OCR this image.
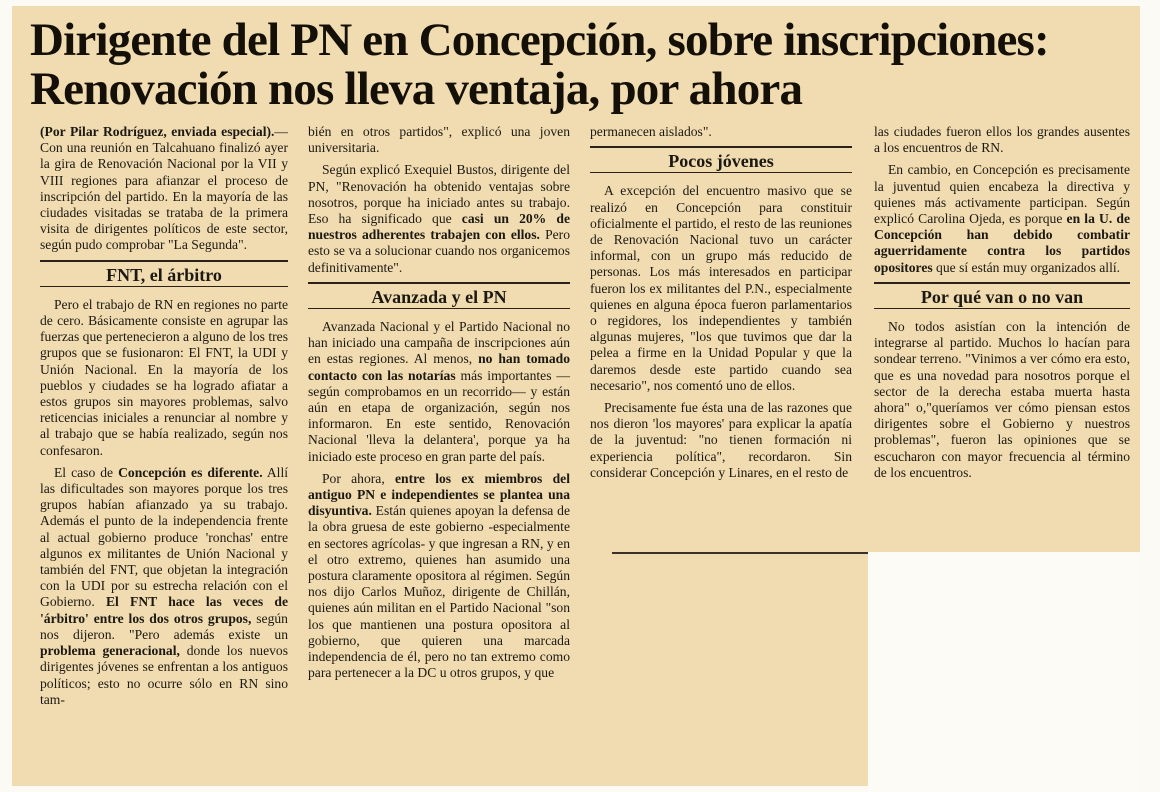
Dirigente del PN en Concepción, sobre inscripciones: Renovación nos lleva ventaja, por ahora

(Por Pilar Rodríguez, enviada especial).—Con una reunión en Talcahuano finalizó ayer la gira de Renovación Nacional por la VII y VIII regiones para afianzar el proceso de inscripción del partido. En la mayoría de las ciudades visitadas se trataba de la primera visita de dirigentes políticos de este sector, según pudo comprobar "La Segunda".

FNT, el árbitro

Pero el trabajo de RN en regiones no parte de cero. Básicamente consiste en agrupar las fuerzas que pertenecieron a alguno de los tres grupos que se fusionaron: El FNT, la UDI y Unión Nacional. En la mayoría de los pueblos y ciudades se ha logrado afiatar a estos grupos sin mayores problemas, salvo reticencias iniciales a renunciar al nombre y al trabajo que se había realizado, según nos confesaron.

El caso de Concepción es diferente. Allí las dificultades son mayores porque los tres grupos habían afianzado ya su trabajo. Además el punto de la independencia frente al actual gobierno produce 'ronchas' entre algunos ex militantes de Unión Nacional y también del FNT, que objetan la integración con la UDI por su estrecha relación con el Gobierno. El FNT hace las veces de 'árbitro' entre los dos otros grupos, según nos dijeron. "Pero además existe un problema generacional, donde los nuevos dirigentes jóvenes se enfrentan a los antiguos políticos; esto no ocurre sólo en RN sino tam-

bién en otros partidos", explicó una joven universitaria.

Según explicó Exequiel Bustos, dirigente del PN, "Renovación ha obtenido ventajas sobre nosotros, porque ha iniciado antes su trabajo. Eso ha significado que casi un 20% de nuestros adherentes trabajen con ellos. Pero esto se va a solucionar cuando nos organicemos definitivamente".

Avanzada y el PN

Avanzada Nacional y el Partido Nacional no han iniciado una campaña de inscripciones aún en estas regiones. Al menos, no han tomado contacto con las notarías más importantes —según comprobamos en un recorrido— y están aún en etapa de organización, según nos informaron. En este sentido, Renovación Nacional 'lleva la delantera', porque ya ha iniciado este proceso en gran parte del país.

Por ahora, entre los ex miembros del antiguo PN e independientes se plantea una disyuntiva. Están quienes apoyan la defensa de la obra gruesa de este gobierno -especialmente en sectores agrícolas- y que ingresan a RN, y en el otro extremo, quienes han asumido una postura claramente opositora al régimen. Según nos dijo Carlos Muñoz, dirigente de Chillán, quienes aún militan en el Partido Nacional "son los que mantienen una postura opositora al gobierno, que quieren una marcada independencia de él, pero no tan extremo como para pertenecer a la DC u otros grupos, y que

permanecen aislados".

Pocos jóvenes

A excepción del encuentro masivo que se realizó en Concepción para constituir oficialmente el partido, el resto de las reuniones de Renovación Nacional tuvo un carácter informal, con un grupo más reducido de personas. Los más interesados en participar fueron los ex militantes del P.N., especialmente quienes en alguna época fueron parlamentarios o regidores, los independientes y también algunas mujeres, "los que tuvimos que dar la pelea a firme en la Unidad Popular y que la daremos desde este partido cuando sea necesario", nos comentó uno de ellos.

Precisamente fue ésta una de las razones que nos dieron 'los mayores' para explicar la apatía de la juventud: "no tienen formación ni experiencia política", recordaron. Sin considerar Concepción y Linares, en el resto de

las ciudades fueron ellos los grandes ausentes a los encuentros de RN.

En cambio, en Concepción es precisamente la juventud quien encabeza la directiva y quienes más activamente participan. Según explicó Carolina Ojeda, es porque en la U. de Concepción han debido combatir aguerridamente contra los partidos opositores que sí están muy organizados allí.

Por qué van o no van

No todos asistían con la intención de integrarse al partido. Muchos lo hacían para sondear terreno. "Vinimos a ver cómo era esto, que es una novedad para nosotros porque el sector de la derecha estaba muerta hasta ahora" o,"queríamos ver cómo piensan estos dirigentes sobre el Gobierno y nuestros problemas", fueron las opiniones que se escucharon con mayor frecuencia al término de los encuentros.
